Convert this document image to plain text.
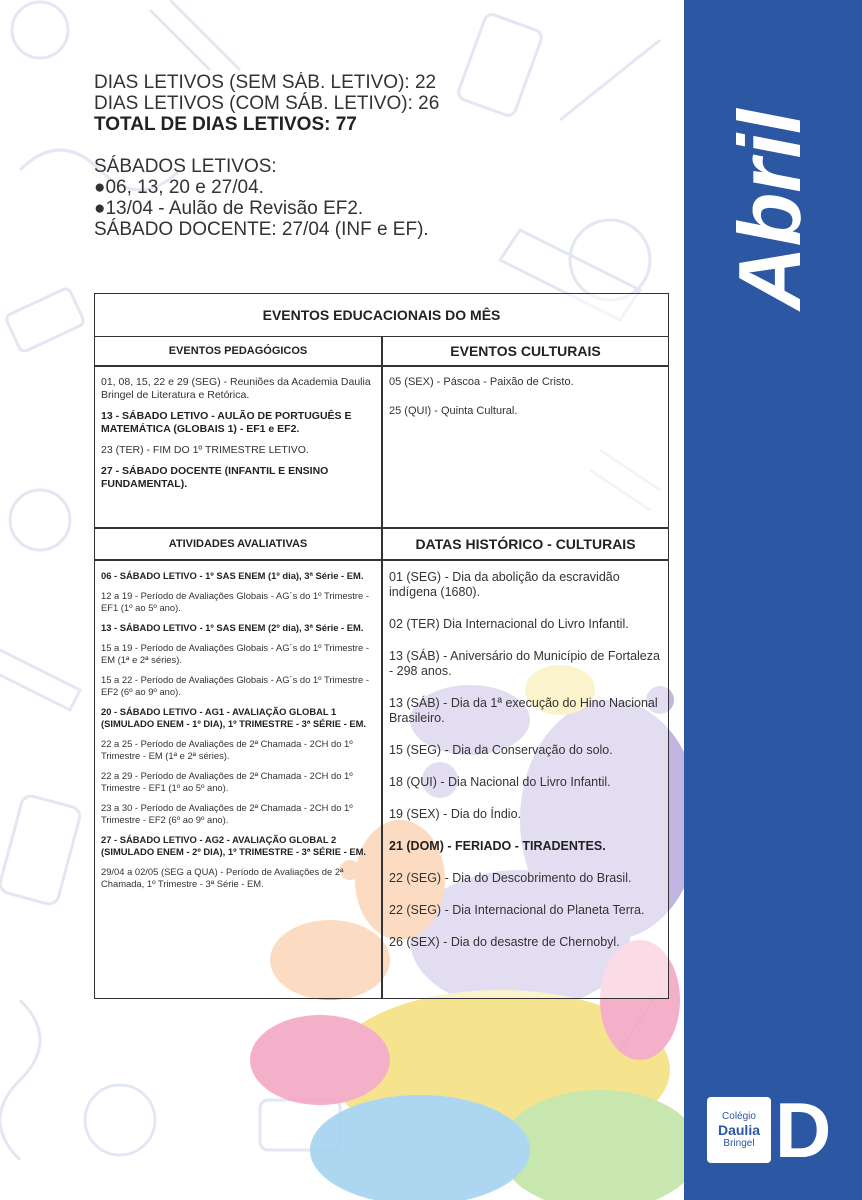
DIAS LETIVOS (SEM SÁB. LETIVO): 22
DIAS LETIVOS (COM SÁB. LETIVO): 26
TOTAL DE DIAS LETIVOS: 77
SÁBADOS LETIVOS:
●06, 13, 20 e 27/04.
●13/04 - Aulão de Revisão EF2.
SÁBADO DOCENTE: 27/04 (INF e EF).
EVENTOS EDUCACIONAIS DO MÊS
EVENTOS PEDAGÓGICOS	EVENTOS CULTURAIS

01, 08, 15, 22 e 29 (SEG) - Reuniões da Academia Daulia Bringel de Literatura e Retórica.

13 - SÁBADO LETIVO - AULÃO DE PORTUGUÊS E MATEMÁTICA (GLOBAIS 1) - EF1 e EF2.

23 (TER) - FIM DO 1º TRIMESTRE LETIVO.

27 - SÁBADO DOCENTE (INFANTIL E ENSINO FUNDAMENTAL).

05 (SEX) - Páscoa - Paixão de Cristo.

25 (QUI) - Quinta Cultural.

ATIVIDADES AVALIATIVAS	DATAS HISTÓRICO - CULTURAIS

06 - SÁBADO LETIVO - 1º SAS ENEM (1º dia), 3ª Série - EM.

12 a 19 - Período de Avaliações Globais - AG´s do 1º Trimestre - EF1 (1º ao 5º ano).

13 - SÁBADO LETIVO - 1º SAS ENEM (2º dia), 3ª Série - EM.

15 a 19 - Período de Avaliações Globais - AG´s do 1º Trimestre - EM (1ª e 2ª séries).

15 a 22 - Período de Avaliações Globais - AG´s do 1º Trimestre - EF2 (6º ao 9º ano).

20 - SÁBADO LETIVO - AG1 - AVALIAÇÃO GLOBAL 1 (SIMULADO ENEM - 1º DIA), 1º TRIMESTRE - 3ª SÉRIE - EM.

22 a 25 - Período de Avaliações de 2ª Chamada - 2CH do 1º Trimestre - EM (1ª e 2ª séries).

22 a 29 - Período de Avaliações de 2ª Chamada - 2CH do 1º Trimestre - EF1 (1º ao 5º ano).

23 a 30 - Período de Avaliações de 2ª Chamada - 2CH do 1º Trimestre - EF2 (6º ao 9º ano).

27 - SÁBADO LETIVO - AG2 - AVALIAÇÃO GLOBAL 2 (SIMULADO ENEM - 2º DIA), 1º TRIMESTRE - 3ª SÉRIE - EM.

29/04 a 02/05 (SEG a QUA) - Período de Avaliações de 2ª Chamada, 1º Trimestre - 3ª Série - EM.

01 (SEG) - Dia da abolição da escravidão indígena (1680).

02 (TER) Dia Internacional do Livro Infantil.

13 (SÁB) - Aniversário do Município de Fortaleza - 298 anos.

13 (SÁB) - Dia da 1ª execução do Hino Nacional Brasileiro.

15 (SEG) - Dia da Conservação do solo.

18 (QUI) - Dia Nacional do Livro Infantil.

19 (SEX) - Dia do Índio.

21 (DOM) - FERIADO - TIRADENTES.

22 (SEG) - Dia do Descobrimento do Brasil.

22 (SEG) - Dia Internacional do Planeta Terra.

26 (SEX) - Dia do desastre de Chernobyl.

Abril
Colégio
Daulia
Bringel D
